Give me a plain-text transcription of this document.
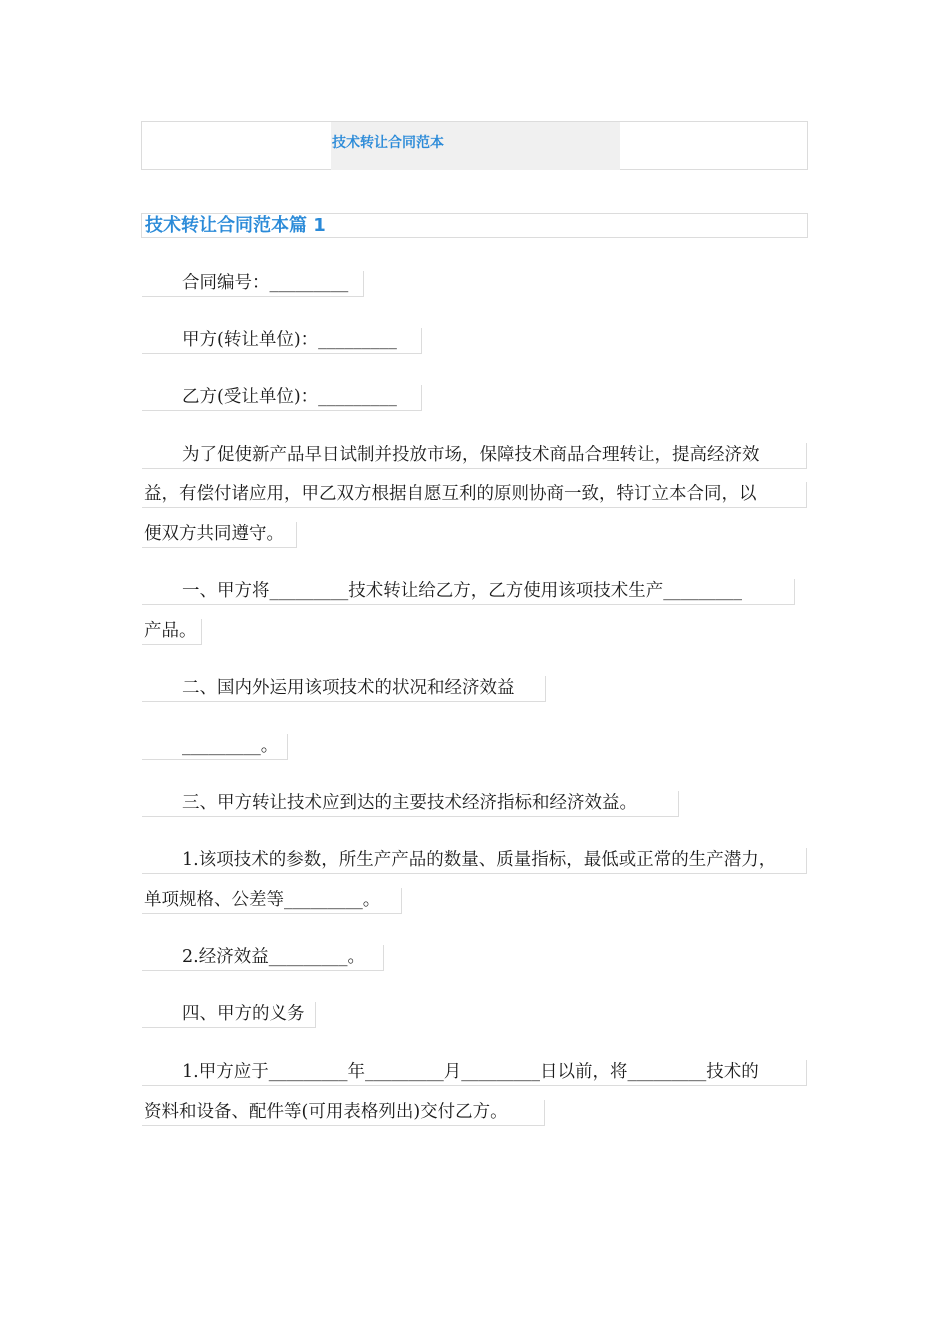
技术转让合同范本
技术转让合同范本篇 1
合同编号：_________
甲方(转让单位)：_________
乙方(受让单位)：_________
为了促使新产品早日试制并投放市场，保障技术商品合理转让，提高经济效
益，有偿付诸应用，甲乙双方根据自愿互利的原则协商一致，特订立本合同，以
便双方共同遵守。
一、甲方将_________技术转让给乙方，乙方使用该项技术生产_________
产品。
二、国内外运用该项技术的状况和经济效益
_________。
三、甲方转让技术应到达的主要技术经济指标和经济效益。
1.该项技术的参数，所生产产品的数量、质量指标，最低或正常的生产潜力，
单项规格、公差等_________。
2.经济效益_________。
四、甲方的义务
1.甲方应于_________年_________月_________日以前，将_________技术的
资料和设备、配件等(可用表格列出)交付乙方。
